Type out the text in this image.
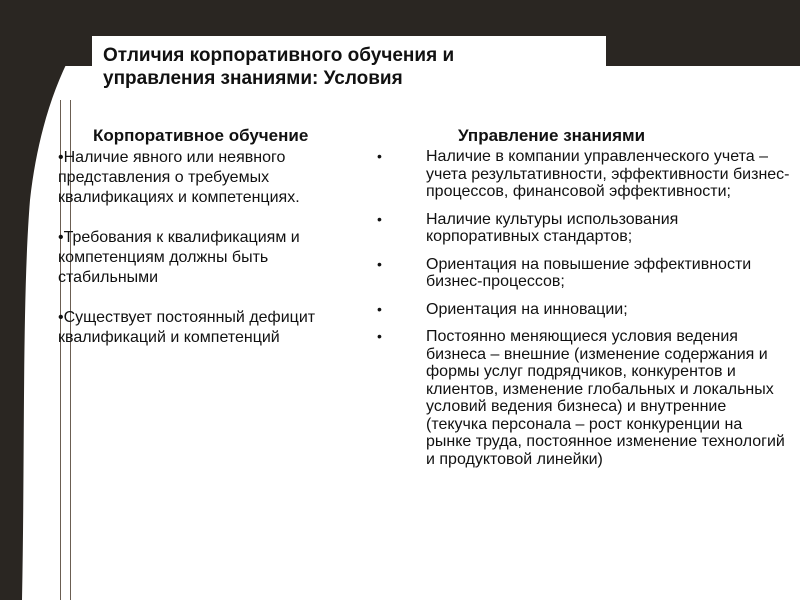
Отличия корпоративного обучения и управления знаниями: Условия
Корпоративное обучение
•Наличие явного или неявного представления о требуемых квалификациях и компетенциях.
•Требования к квалификациям и компетенциям должны быть стабильными
•Существует постоянный дефицит квалификаций и компетенций
Управление знаниями
•	Наличие в компании управленческого учета – учета результативности, эффективности бизнес-процессов, финансовой эффективности;
•	Наличие культуры использования корпоративных стандартов;
•	Ориентация на повышение эффективности бизнес-процессов;
•	Ориентация на инновации;
•	Постоянно меняющиеся условия ведения бизнеса – внешние (изменение содержания и формы услуг подрядчиков, конкурентов и клиентов, изменение глобальных и локальных условий ведения бизнеса) и внутренние (текучка персонала – рост конкуренции на рынке труда, постоянное изменение технологий и продуктовой линейки)
